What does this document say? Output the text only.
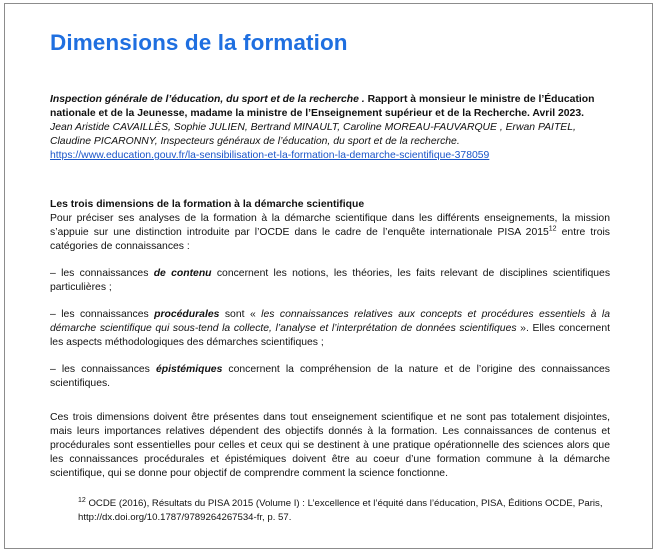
Dimensions de la formation

Inspection générale de l’éducation, du sport et de la recherche . Rapport à monsieur le ministre de l’Éducation nationale et de la Jeunesse, madame la ministre de l’Enseignement supérieur et de la Recherche. Avril 2023.

Jean Aristide CAVAILLÈS, Sophie JULIEN, Bertrand MINAULT, Caroline MOREAU-FAUVARQUE , Erwan PAITEL, Claudine PICARONNY, Inspecteurs généraux de l’éducation, du sport et de la recherche.

https://www.education.gouv.fr/la-sensibilisation-et-la-formation-la-demarche-scientifique-378059

Les trois dimensions de la formation à la démarche scientifique

Pour préciser ses analyses de la formation à la démarche scientifique dans les différents enseignements, la mission s’appuie sur une distinction introduite par l’OCDE dans le cadre de l’enquête internationale PISA 2015$^{12}$ entre trois catégories de connaissances :

– les connaissances de contenu concernent les notions, les théories, les faits relevant de disciplines scientifiques particulières ;

– les connaissances procédurales sont « les connaissances relatives aux concepts et procédures essentiels à la démarche scientifique qui sous-tend la collecte, l’analyse et l’interprétation de données scientifiques ». Elles concernent les aspects méthodologiques des démarches scientifiques ;

– les connaissances épistémiques concernent la compréhension de la nature et de l’origine des connaissances scientifiques.

Ces trois dimensions doivent être présentes dans tout enseignement scientifique et ne sont pas totalement disjointes, mais leurs importances relatives dépendent des objectifs donnés à la formation. Les connaissances de contenus et procédurales sont essentielles pour celles et ceux qui se destinent à une pratique opérationnelle des sciences alors que les connaissances procédurales et épistémiques doivent être au coeur d’une formation commune à la démarche scientifique, qui se donne pour objectif de comprendre comment la science fonctionne.

$^{12}$ OCDE (2016), Résultats du PISA 2015 (Volume I) : L’excellence et l’équité dans l’éducation, PISA, Éditions OCDE, Paris, http://dx.doi.org/10.1787/9789264267534-fr, p. 57.
